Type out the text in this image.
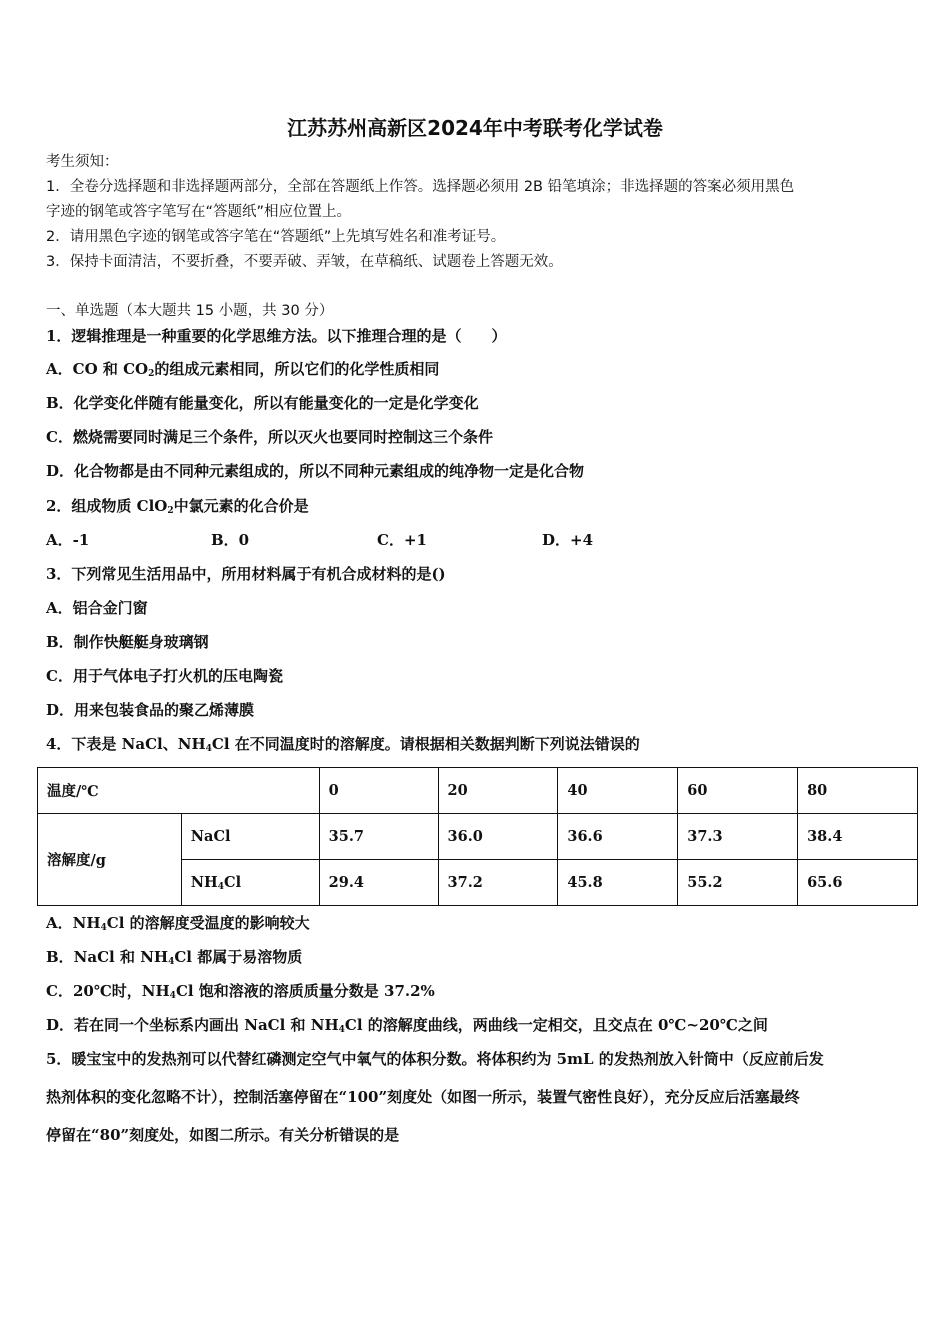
江苏苏州高新区2024年中考联考化学试卷
考生须知：
1．全卷分选择题和非选择题两部分，全部在答题纸上作答。选择题必须用 2B 铅笔填涂；非选择题的答案必须用黑色
字迹的钢笔或答字笔写在“答题纸”相应位置上。
2．请用黑色字迹的钢笔或答字笔在“答题纸”上先填写姓名和准考证号。
3．保持卡面清洁，不要折叠，不要弄破、弄皱，在草稿纸、试题卷上答题无效。
一、单选题（本大题共 15 小题，共 30 分）
1．逻辑推理是一种重要的化学思维方法。以下推理合理的是（　　）
A．CO 和 $CO_2$的组成元素相同，所以它们的化学性质相同
B．化学变化伴随有能量变化，所以有能量变化的一定是化学变化
C．燃烧需要同时满足三个条件，所以灭火也要同时控制这三个条件
D．化合物都是由不同种元素组成的，所以不同种元素组成的纯净物一定是化合物
2．组成物质 ClO$_2$中氯元素的化合价是
A．-1	B．0	C．+1	D．+4
3．下列常见生活用品中，所用材料属于有机合成材料的是()
A．铝合金门窗
B．制作快艇艇身玻璃钢
C．用于气体电子打火机的压电陶瓷
D．用来包装食品的聚乙烯薄膜
4．下表是 NaCl、$NH_4Cl$ 在不同温度时的溶解度。请根据相关数据判断下列说法错误的
温度/℃		0	20	40	60	80
溶解度/g	NaCl	35.7	36.0	36.6	37.3	38.4
	$NH_4Cl$	29.4	37.2	45.8	55.2	65.6
A．$NH_4Cl$ 的溶解度受温度的影响较大
B．NaCl 和 $NH_4Cl$ 都属于易溶物质
C．20℃时，$NH_4Cl$ 饱和溶液的溶质质量分数是 37.2%
D．若在同一个坐标系内画出 NaCl 和 $NH_4Cl$ 的溶解度曲线，两曲线一定相交，且交点在 0℃~20℃之间
5．暖宝宝中的发热剂可以代替红磷测定空气中氧气的体积分数。将体积约为 5mL 的发热剂放入针筒中（反应前后发
热剂体积的变化忽略不计），控制活塞停留在“100”刻度处（如图一所示，装置气密性良好），充分反应后活塞最终
停留在“80”刻度处，如图二所示。有关分析错误的是
